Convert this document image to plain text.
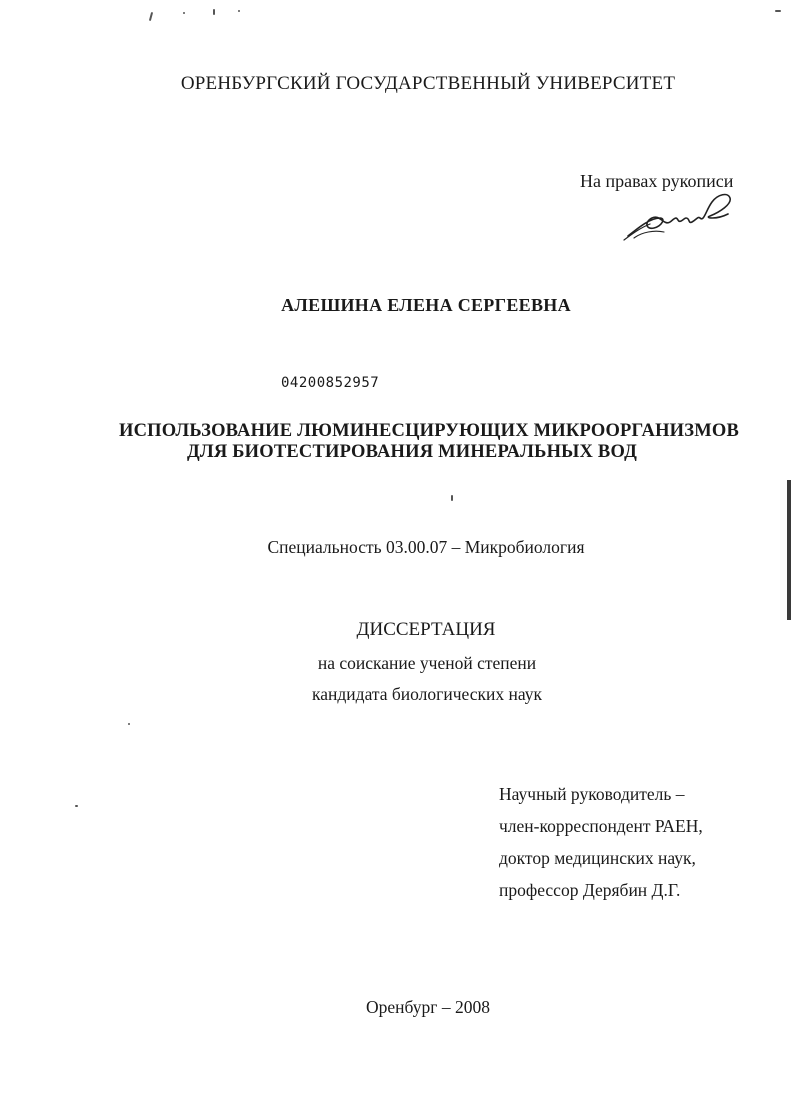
ОРЕНБУРГСКИЙ ГОСУДАРСТВЕННЫЙ УНИВЕРСИТЕТ
На правах рукописи
АЛЕШИНА ЕЛЕНА СЕРГЕЕВНА
04200852957
ИСПОЛЬЗОВАНИЕ ЛЮМИНЕСЦИРУЮЩИХ МИКРООРГАНИЗМОВ
ДЛЯ БИОТЕСТИРОВАНИЯ МИНЕРАЛЬНЫХ ВОД
Специальность 03.00.07 – Микробиология
ДИССЕРТАЦИЯ
на соискание ученой степени
кандидата биологических наук
Научный руководитель –
член-корреспондент РАЕН,
доктор медицинских наук,
профессор Дерябин Д.Г.
Оренбург – 2008
